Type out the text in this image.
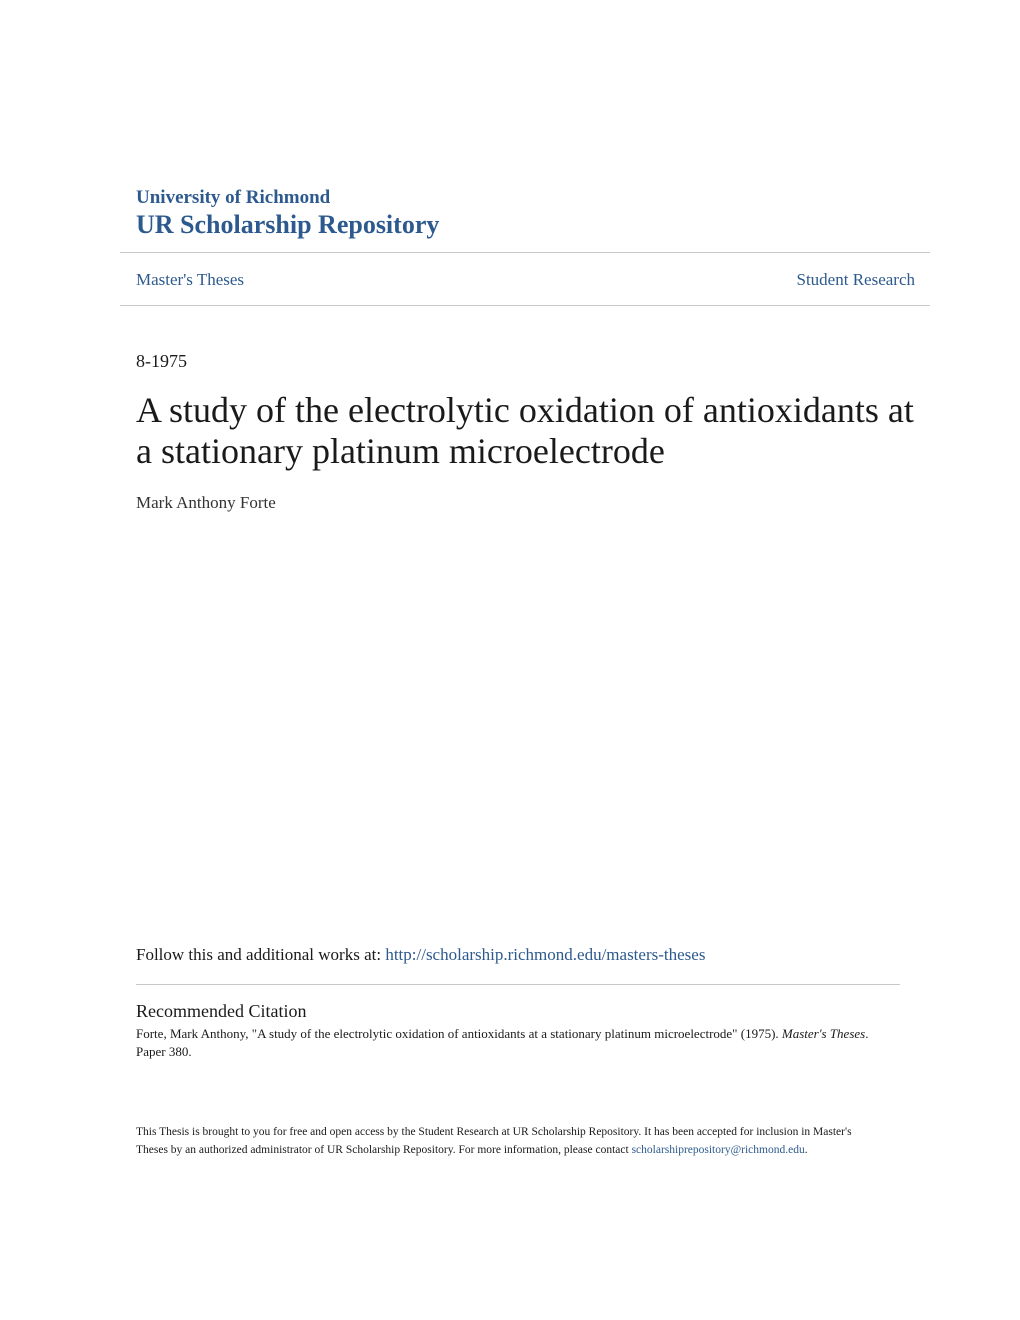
University of Richmond
UR Scholarship Repository
Master's Theses	Student Research
8-1975
A study of the electrolytic oxidation of antioxidants at a stationary platinum microelectrode
Mark Anthony Forte
Follow this and additional works at: http://scholarship.richmond.edu/masters-theses
Recommended Citation
Forte, Mark Anthony, "A study of the electrolytic oxidation of antioxidants at a stationary platinum microelectrode" (1975). Master's Theses. Paper 380.
This Thesis is brought to you for free and open access by the Student Research at UR Scholarship Repository. It has been accepted for inclusion in Master's Theses by an authorized administrator of UR Scholarship Repository. For more information, please contact scholarshiprepository@richmond.edu.
